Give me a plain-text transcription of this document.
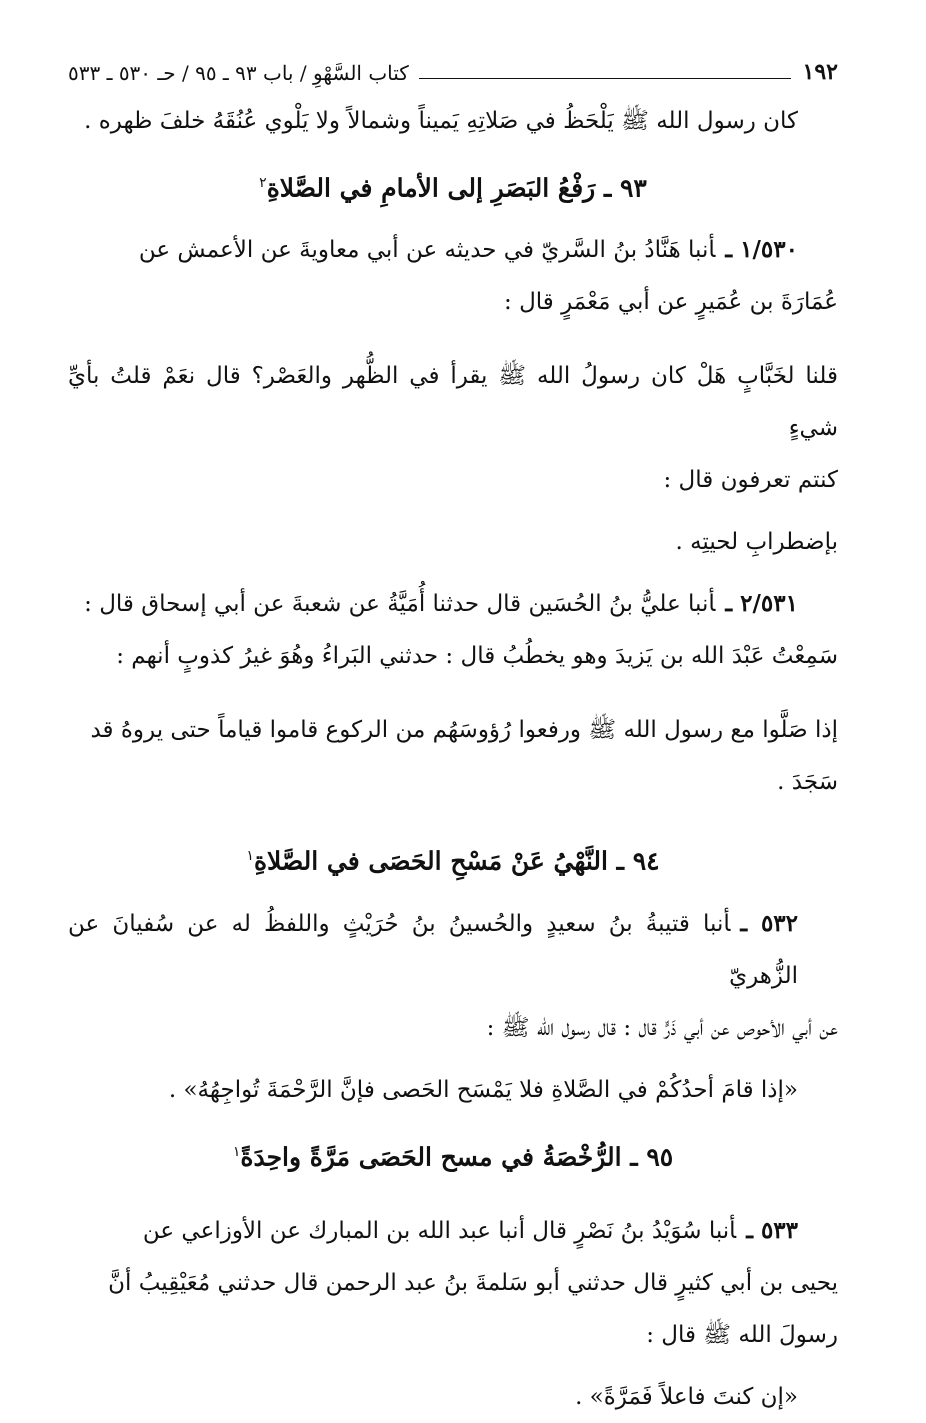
١٩٢
كتاب السَّهْوِ / باب ٩٣ ـ ٩٥ / حـ ٥٣٠ ـ ٥٣٣

كان رسول الله ﷺ يَلْحَظُ في صَلاتِهِ يَميناً وشمالاً ولا يَلْوي عُنُقَهُ خلفَ ظهره .

٩٣ ـ رَفْعُ البَصَرِ إلى الأمامِ في الصَّلاةِ$^٢$

١/٥٣٠ ـأنبا هَنَّادُ بنُ السَّريّ في حديثه عن أبي معاويةَ عن الأعمش عن

عُمَارَةَ بن عُمَيرٍ عن أبي مَعْمَرٍ قال :

قلنا لخَبَّابٍ هَلْ كان رسولُ الله ﷺ يقرأ في الظُّهر والعَصْر؟ قال نعَمْ قلتُ بأيِّ شيءٍ

كنتم تعرفون قال :

بإضطرابِ لحيتِه .

٢/٥٣١ ـأنبا عليُّ بنُ الحُسَين قال حدثنا أُمَيَّةُ عن شعبةَ عن أبي إسحاق قال :

سَمِعْتُ عَبْدَ الله بن يَزيدَ وهو يخطُبُ قال : حدثني البَراءُ وهُوَ غيرُ كذوبٍ أنهم :

إذا صَلَّوا مع رسول الله ﷺ ورفعوا رُؤوسَهُم من الركوع قاموا قياماً حتى يروهُ قد

سَجَدَ .

٩٤ ـ النَّهْيُ عَنْ مَسْحِ الحَصَى في الصَّلاةِ$^١$

٥٣٢ ـأنبا قتيبةُ بنُ سعيدٍ والحُسينُ بنُ حُرَيْثٍ واللفظُ له عن سُفيانَ عن الزُّهريّ

عن أبي الأحوص عن أبي ذَرٍّ قال : قال رسول الله ﷺ :

«إذا قامَ أحدُكُمْ في الصَّلاةِ فلا يَمْسَح الحَصى فإنَّ الرَّحْمَةَ تُواجِهُهُ» .

٩٥ ـ الرُّخْصَةُ في مسح الحَصَى مَرَّةً واحِدَةً$^١$

٥٣٣ ـأنبا سُوَيْدُ بنُ نَصْرٍ قال أنبا عبد الله بن المبارك عن الأوزاعي عن

يحيى بن أبي كثيرٍ قال حدثني أبو سَلمةَ بنُ عبد الرحمن قال حدثني مُعَيْقِيبُ أنَّ

رسولَ الله ﷺ قال :

«إن كنتَ فاعلاً فَمَرَّةً» .
